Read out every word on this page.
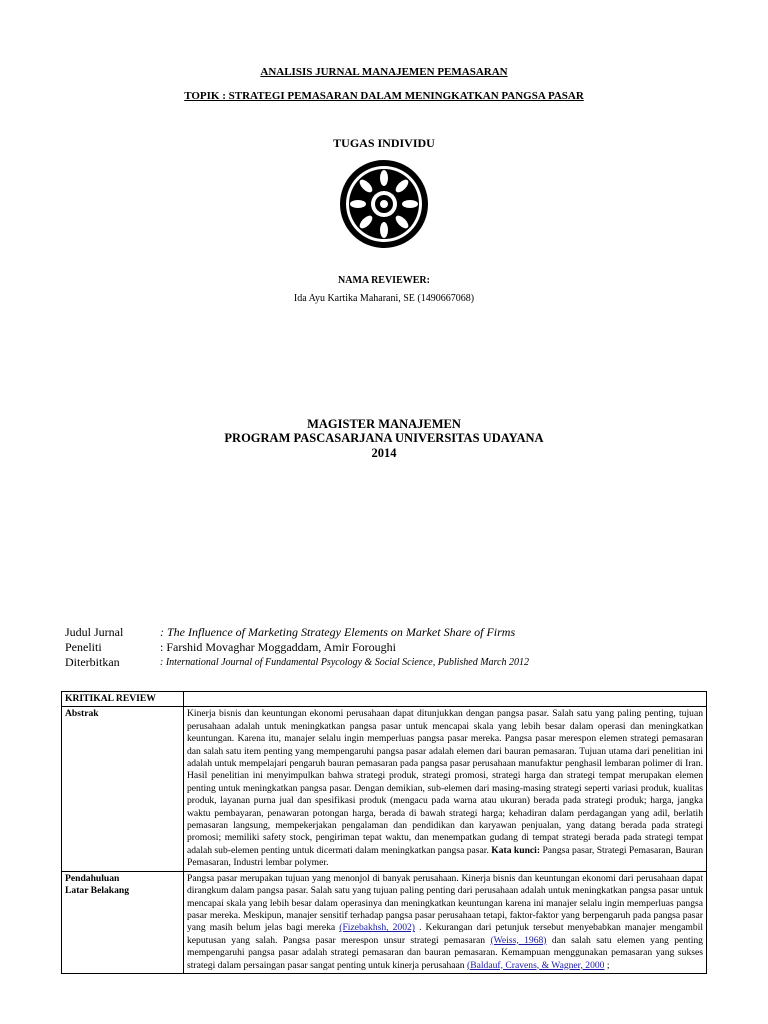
ANALISIS JURNAL MANAJEMEN PEMASARAN
TOPIK : STRATEGI PEMASARAN DALAM MENINGKATKAN PANGSA PASAR
TUGAS INDIVIDU
NAMA REVIEWER:
Ida Ayu Kartika Maharani, SE (1490667068)
MAGISTER MANAJEMEN
PROGRAM PASCASARJANA UNIVERSITAS UDAYANA
2014
Judul Jurnal	: The Influence of Marketing Strategy Elements on Market Share of Firms
Peneliti	: Farshid Movaghar Moggaddam, Amir Foroughi
Diterbitkan	: International Journal of Fundamental Psycology & Social Science, Published March 2012
KRITIKAL REVIEW	
Abstrak	Kinerja bisnis dan keuntungan ekonomi perusahaan dapat ditunjukkan dengan pangsa pasar. Salah satu yang paling penting, tujuan perusahaan adalah untuk meningkatkan pangsa pasar untuk mencapai skala yang lebih besar dalam operasi dan meningkatkan keuntungan. Karena itu, manajer selalu ingin memperluas pangsa pasar mereka. Pangsa pasar merespon elemen strategi pemasaran dan salah satu item penting yang mempengaruhi pangsa pasar adalah elemen dari bauran pemasaran. Tujuan utama dari penelitian ini adalah untuk mempelajari pengaruh bauran pemasaran pada pangsa pasar perusahaan manufaktur penghasil lembaran polimer di Iran. Hasil penelitian ini menyimpulkan bahwa strategi produk, strategi promosi, strategi harga dan strategi tempat merupakan elemen penting untuk meningkatkan pangsa pasar. Dengan demikian, sub-elemen dari masing-masing strategi seperti variasi produk, kualitas produk, layanan purna jual dan spesifikasi produk (mengacu pada warna atau ukuran) berada pada strategi produk; harga, jangka waktu pembayaran, penawaran potongan harga, berada di bawah strategi harga; kehadiran dalam perdagangan yang adil, berlatih pemasaran langsung, mempekerjakan pengalaman dan pendidikan dan karyawan penjualan, yang datang berada pada strategi promosi; memiliki safety stock, pengiriman tepat waktu, dan menempatkan gudang di tempat strategi berada pada strategi tempat adalah sub-elemen penting untuk dicermati dalam meningkatkan pangsa pasar. Kata kunci: Pangsa pasar, Strategi Pemasaran, Bauran Pemasaran, Industri lembar polymer.

Pendahuluan
Latar Belakang	Pangsa pasar merupakan tujuan yang menonjol di banyak perusahaan. Kinerja bisnis dan keuntungan ekonomi dari perusahaan dapat dirangkum dalam pangsa pasar. Salah satu yang tujuan paling penting dari perusahaan adalah untuk meningkatkan pangsa pasar untuk mencapai skala yang lebih besar dalam operasinya dan meningkatkan keuntungan karena ini manajer selalu ingin memperluas pangsa pasar mereka. Meskipun, manajer sensitif terhadap pangsa pasar perusahaan tetapi, faktor-faktor yang berpengaruh pada pangsa pasar yang masih belum jelas bagi mereka (Fizebakhsh, 2002) . Kekurangan dari petunjuk tersebut menyebabkan manajer mengambil keputusan yang salah. Pangsa pasar merespon unsur strategi pemasaran (Weiss, 1968) dan salah satu elemen yang penting mempengaruhi pangsa pasar adalah strategi pemasaran dan bauran pemasaran. Kemampuan menggunakan pemasaran yang sukses strategi dalam persaingan pasar sangat penting untuk kinerja perusahaan (Baldauf, Cravens, & Wagner, 2000 ;
